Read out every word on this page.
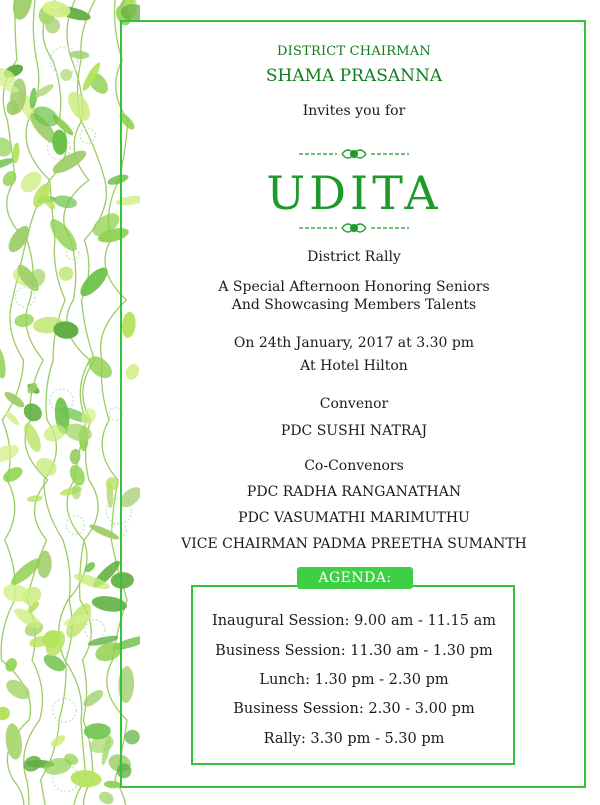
DISTRICT CHAIRMAN
SHAMA PRASANNA
Invites you for
UDITA
District Rally
A Special Afternoon Honoring Seniors
And Showcasing Members Talents
On 24th January, 2017 at 3.30 pm
At Hotel Hilton
Convenor
PDC SUSHI NATRAJ
Co-Convenors
PDC RADHA RANGANATHAN
PDC VASUMATHI MARIMUTHU
VICE CHAIRMAN PADMA PREETHA SUMANTH
AGENDA:
Inaugural Session: 9.00 am - 11.15 am
Business Session: 11.30 am - 1.30 pm
Lunch: 1.30 pm - 2.30 pm
Business Session: 2.30 - 3.00 pm
Rally: 3.30 pm - 5.30 pm
